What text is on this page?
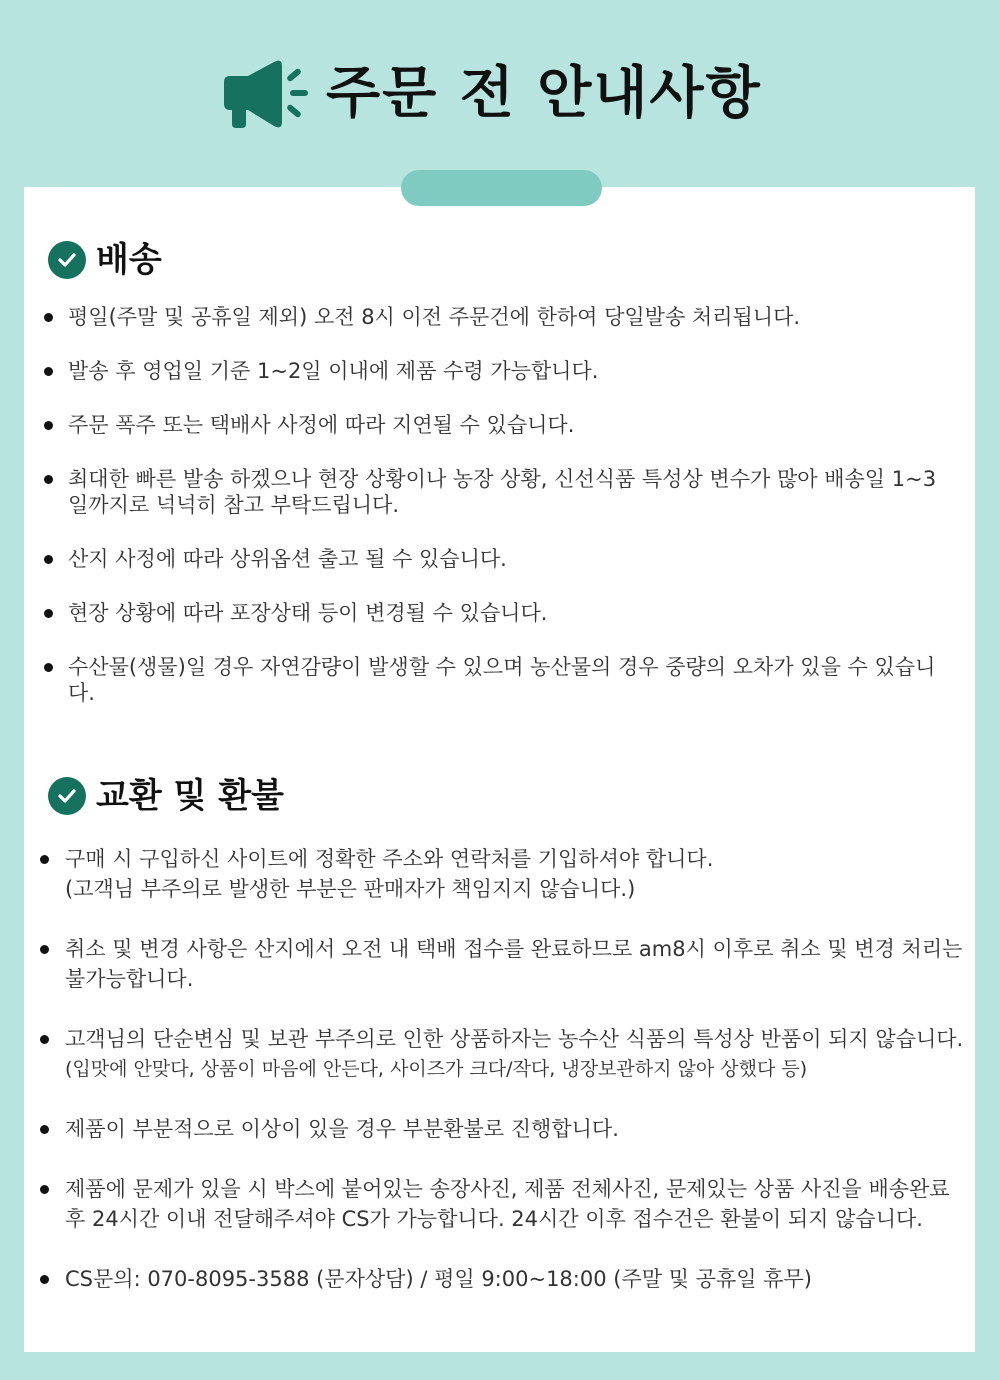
주문 전 안내사항
배송
평일(주말 및 공휴일 제외) 오전 8시 이전 주문건에 한하여 당일발송 처리됩니다.
발송 후 영업일 기준 1~2일 이내에 제품 수령 가능합니다.
주문 폭주 또는 택배사 사정에 따라 지연될 수 있습니다.
최대한 빠른 발송 하겠으나 현장 상황이나 농장 상황, 신선식품 특성상 변수가 많아 배송일 1~3일까지로 넉넉히 참고 부탁드립니다.
산지 사정에 따라 상위옵션 출고 될 수 있습니다.
현장 상황에 따라 포장상태 등이 변경될 수 있습니다.
수산물(생물)일 경우 자연감량이 발생할 수 있으며 농산물의 경우 중량의 오차가 있을 수 있습니다.
교환 및 환불
구매 시 구입하신 사이트에 정확한 주소와 연락처를 기입하셔야 합니다.
(고객님 부주의로 발생한 부분은 판매자가 책임지지 않습니다.)
취소 및 변경 사항은 산지에서 오전 내 택배 접수를 완료하므로 am8시 이후로 취소 및 변경 처리는 불가능합니다.
고객님의 단순변심 및 보관 부주의로 인한 상품하자는 농수산 식품의 특성상 반품이 되지 않습니다.
(입맛에 안맞다, 상품이 마음에 안든다, 사이즈가 크다/작다, 냉장보관하지 않아 상했다 등)
제품이 부분적으로 이상이 있을 경우 부분환불로 진행합니다.
제품에 문제가 있을 시 박스에 붙어있는 송장사진, 제품 전체사진, 문제있는 상품 사진을 배송완료 후 24시간 이내 전달해주셔야 CS가 가능합니다. 24시간 이후 접수건은 환불이 되지 않습니다.
CS문의: 070-8095-3588 (문자상담) / 평일 9:00~18:00 (주말 및 공휴일 휴무)
